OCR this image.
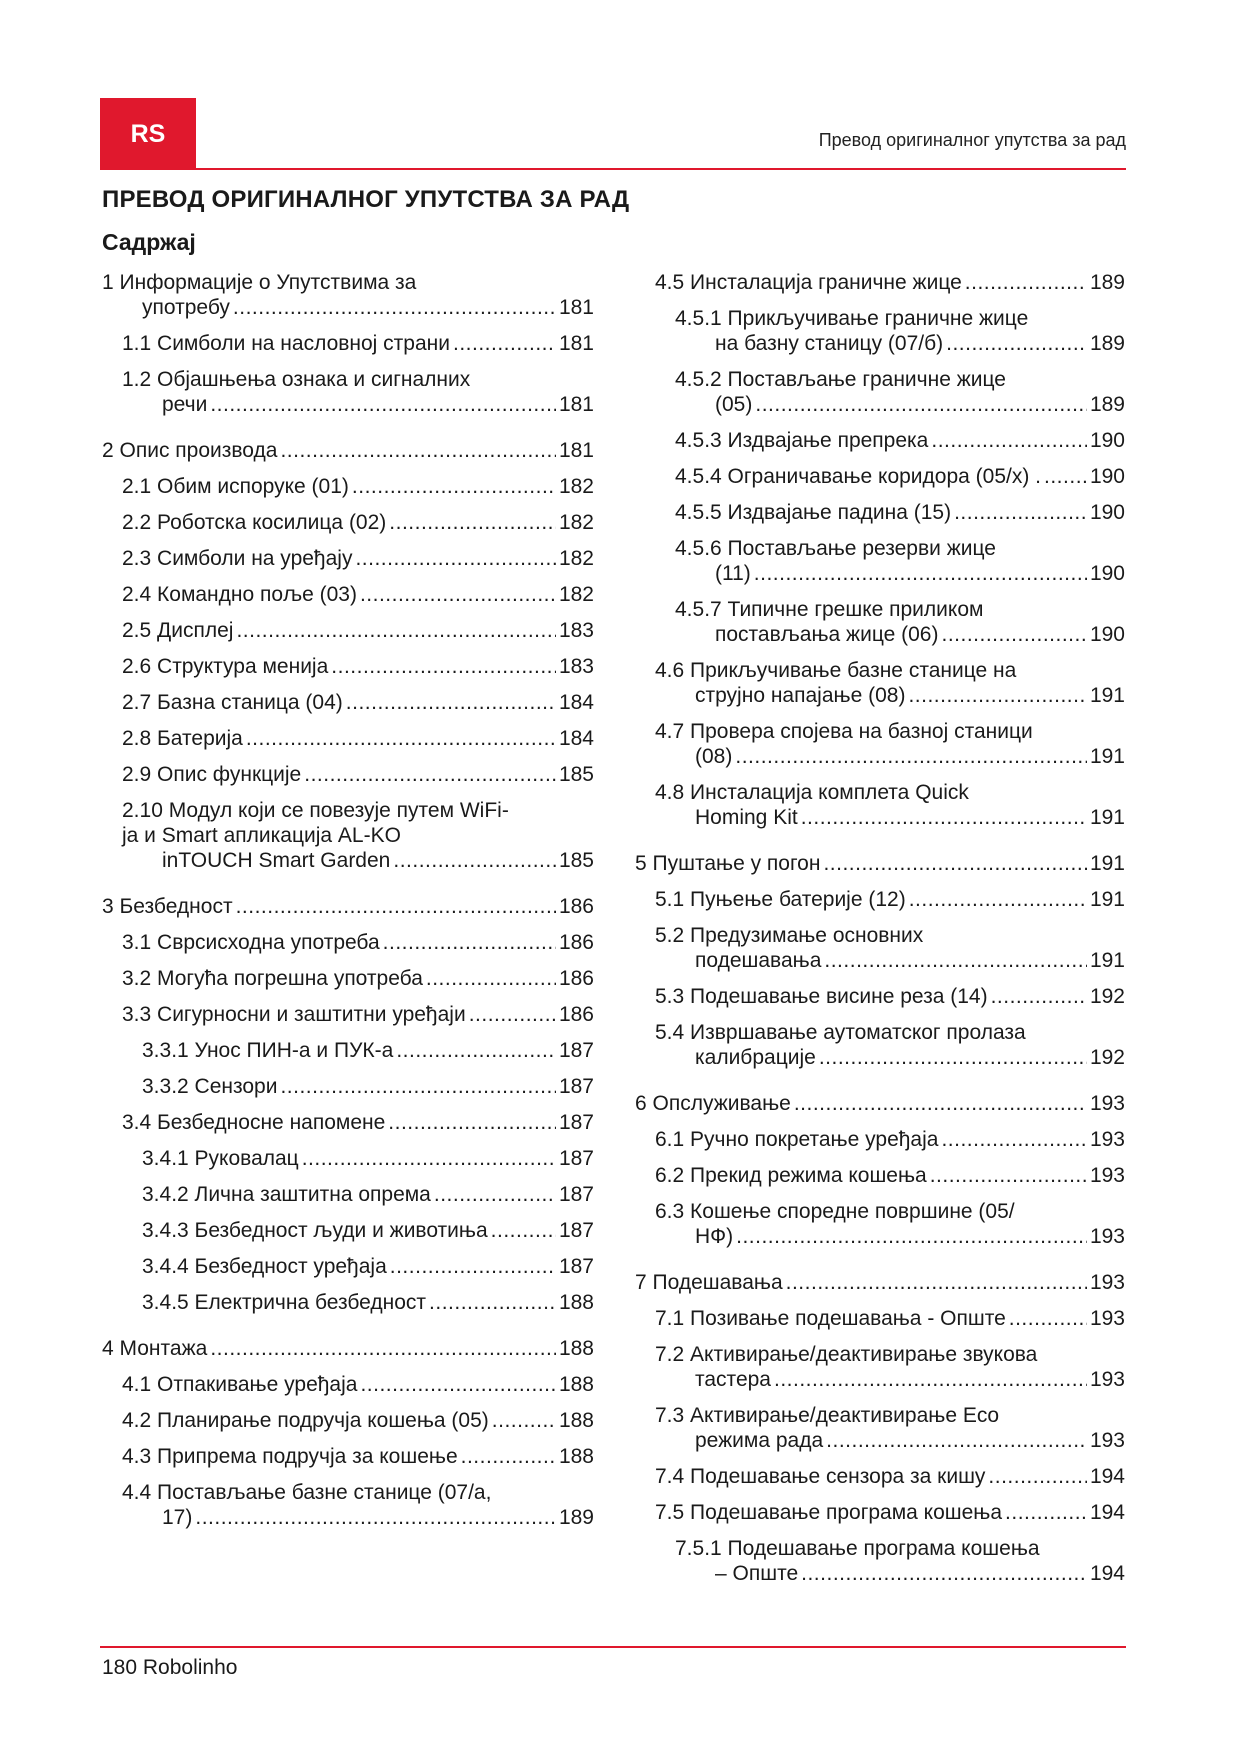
RS	Превод оригиналног упутства за рад
ПРЕВОД ОРИГИНАЛНОГ УПУТСТВА ЗА РАД
Садржај
1 Информације о Упутствима за
употребу .....	181
1.1 Симболи на насловној страни .....	181
1.2 Објашњења ознака и сигналних
речи .....	181
2 Опис производа .....	181
2.1 Обим испоруке (01) .....	182
2.2 Роботска косилица (02) .....	182
2.3 Симболи на уређају .....	182
2.4 Командно поље (03) .....	182
2.5 Дисплеј .....	183
2.6 Структура менија .....	183
2.7 Базна станица (04) .....	184
2.8 Батерија .....	184
2.9 Опис функције .....	185
2.10 Модул који се повезује путем WiFi-
ја и Smart апликација AL-KO
inTOUCH Smart Garden .....	185
3 Безбедност .....	186
3.1 Сврсисходна употреба .....	186
3.2 Могућа погрешна употреба .....	186
3.3 Сигурносни и заштитни уређаји .....	186
3.3.1 Унос ПИН-а и ПУК-а .....	187
3.3.2 Сензори .....	187
3.4 Безбедносне напомене .....	187
3.4.1 Руковалац .....	187
3.4.2 Лична заштитна опрема .....	187
3.4.3 Безбедност људи и животиња .....	187
3.4.4 Безбедност уређаја .....	187
3.4.5 Електрична безбедност .....	188
4 Монтажа .....	188
4.1 Отпакивање уређаја .....	188
4.2 Планирање подручја кошења (05) .....	188
4.3 Припрема подручја за кошење .....	188
4.4 Постављање базне станице (07/а,
17) .....	189
4.5 Инсталација граничне жице .....	189
4.5.1 Прикључивање граничне жице
на базну станицу (07/б) .....	189
4.5.2 Постављање граничне жице
(05) .....	189
4.5.3 Издвајање препрека .....	190
4.5.4 Ограничавање коридора (05/x) . ..... 190
4.5.5 Издвајање падина (15) .....	190
4.5.6 Постављање резерви жице
(11) .....	190
4.5.7 Типичне грешке приликом
постављања жице (06) .....	190
4.6 Прикључивање базне станице на
струјно напајање (08) .....	191
4.7 Провера спојева на базној станици
(08) .....	191
4.8 Инсталација комплета Quick
Homing Kit .....	191
5 Пуштање у погон .....	191
5.1 Пуњење батерије (12) .....	191
5.2 Предузимање основних
подешавања .....	191
5.3 Подешавање висине реза (14) .....	192
5.4 Извршавање аутоматског пролаза
калибрације .....	192
6 Опслуживање .....	193
6.1 Ручно покретање уређаја .....	193
6.2 Прекид режима кошења .....	193
6.3 Кошење споредне површине (05/
НФ) .....	193
7 Подешавања .....	193
7.1 Позивање подешавања - Опште .....	193
7.2 Активирање/деактивирање звукова
тастера .....	193
7.3 Активирање/деактивирање Eco
режима рада .....	193
7.4 Подешавање сензора за кишу .....	194
7.5 Подешавање програма кошења .....	194
7.5.1 Подешавање програма кошења
– Опште .....	194
180 Robolinho
